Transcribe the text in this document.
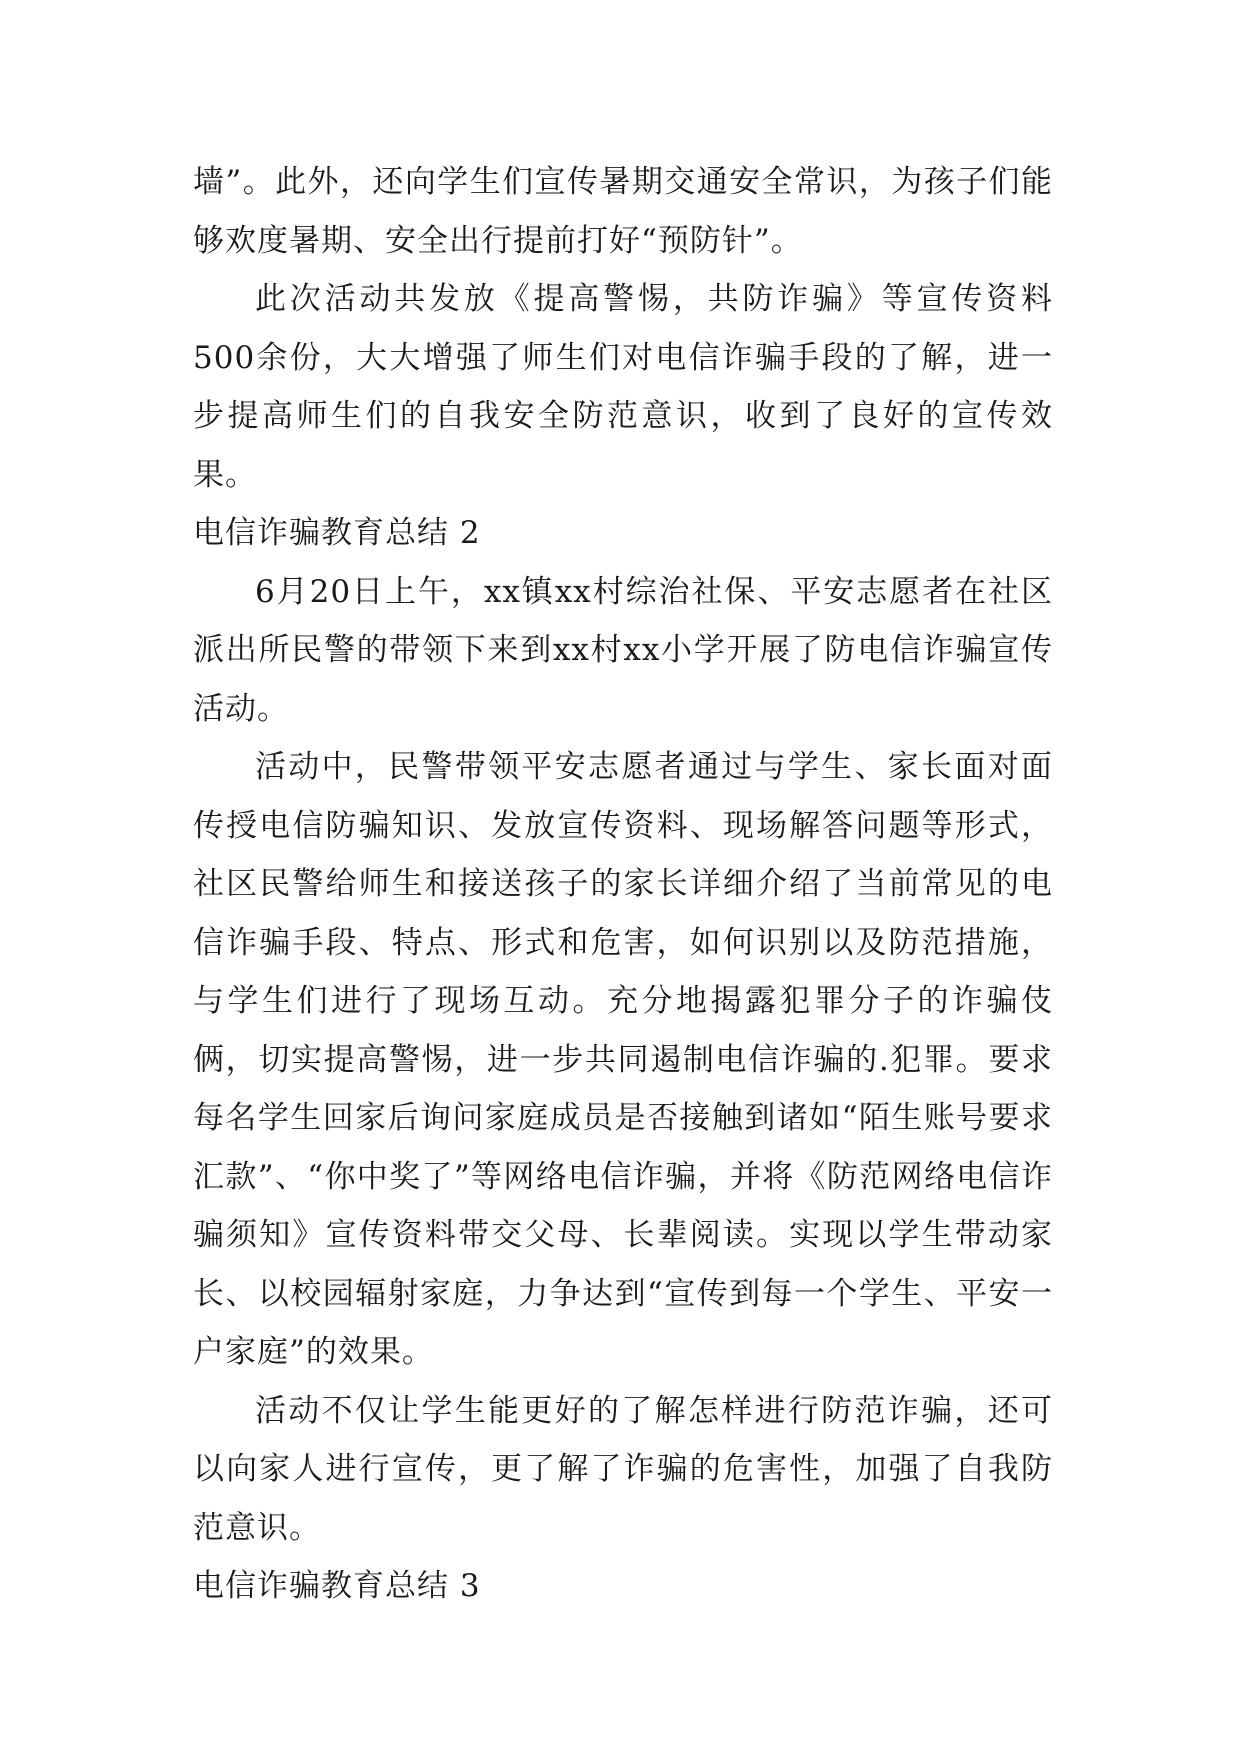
墙”。此外，还向学生们宣传暑期交通安全常识，为孩子们能够欢度暑期、安全出行提前打好“预防针”。

此次活动共发放《提高警惕，共防诈骗》等宣传资料500余份，大大增强了师生们对电信诈骗手段的了解，进一步提高师生们的自我安全防范意识，收到了良好的宣传效果。

电信诈骗教育总结 2

6月20日上午，xx镇xx村综治社保、平安志愿者在社区派出所民警的带领下来到xx村xx小学开展了防电信诈骗宣传活动。

活动中，民警带领平安志愿者通过与学生、家长面对面传授电信防骗知识、发放宣传资料、现场解答问题等形式，社区民警给师生和接送孩子的家长详细介绍了当前常见的电信诈骗手段、特点、形式和危害，如何识别以及防范措施，与学生们进行了现场互动。充分地揭露犯罪分子的诈骗伎俩，切实提高警惕，进一步共同遏制电信诈骗的.犯罪。要求每名学生回家后询问家庭成员是否接触到诸如“陌生账号要求汇款”、“你中奖了”等网络电信诈骗，并将《防范网络电信诈骗须知》宣传资料带交父母、长辈阅读。实现以学生带动家长、以校园辐射家庭，力争达到“宣传到每一个学生、平安一户家庭”的效果。

活动不仅让学生能更好的了解怎样进行防范诈骗，还可以向家人进行宣传，更了解了诈骗的危害性，加强了自我防范意识。

电信诈骗教育总结 3
